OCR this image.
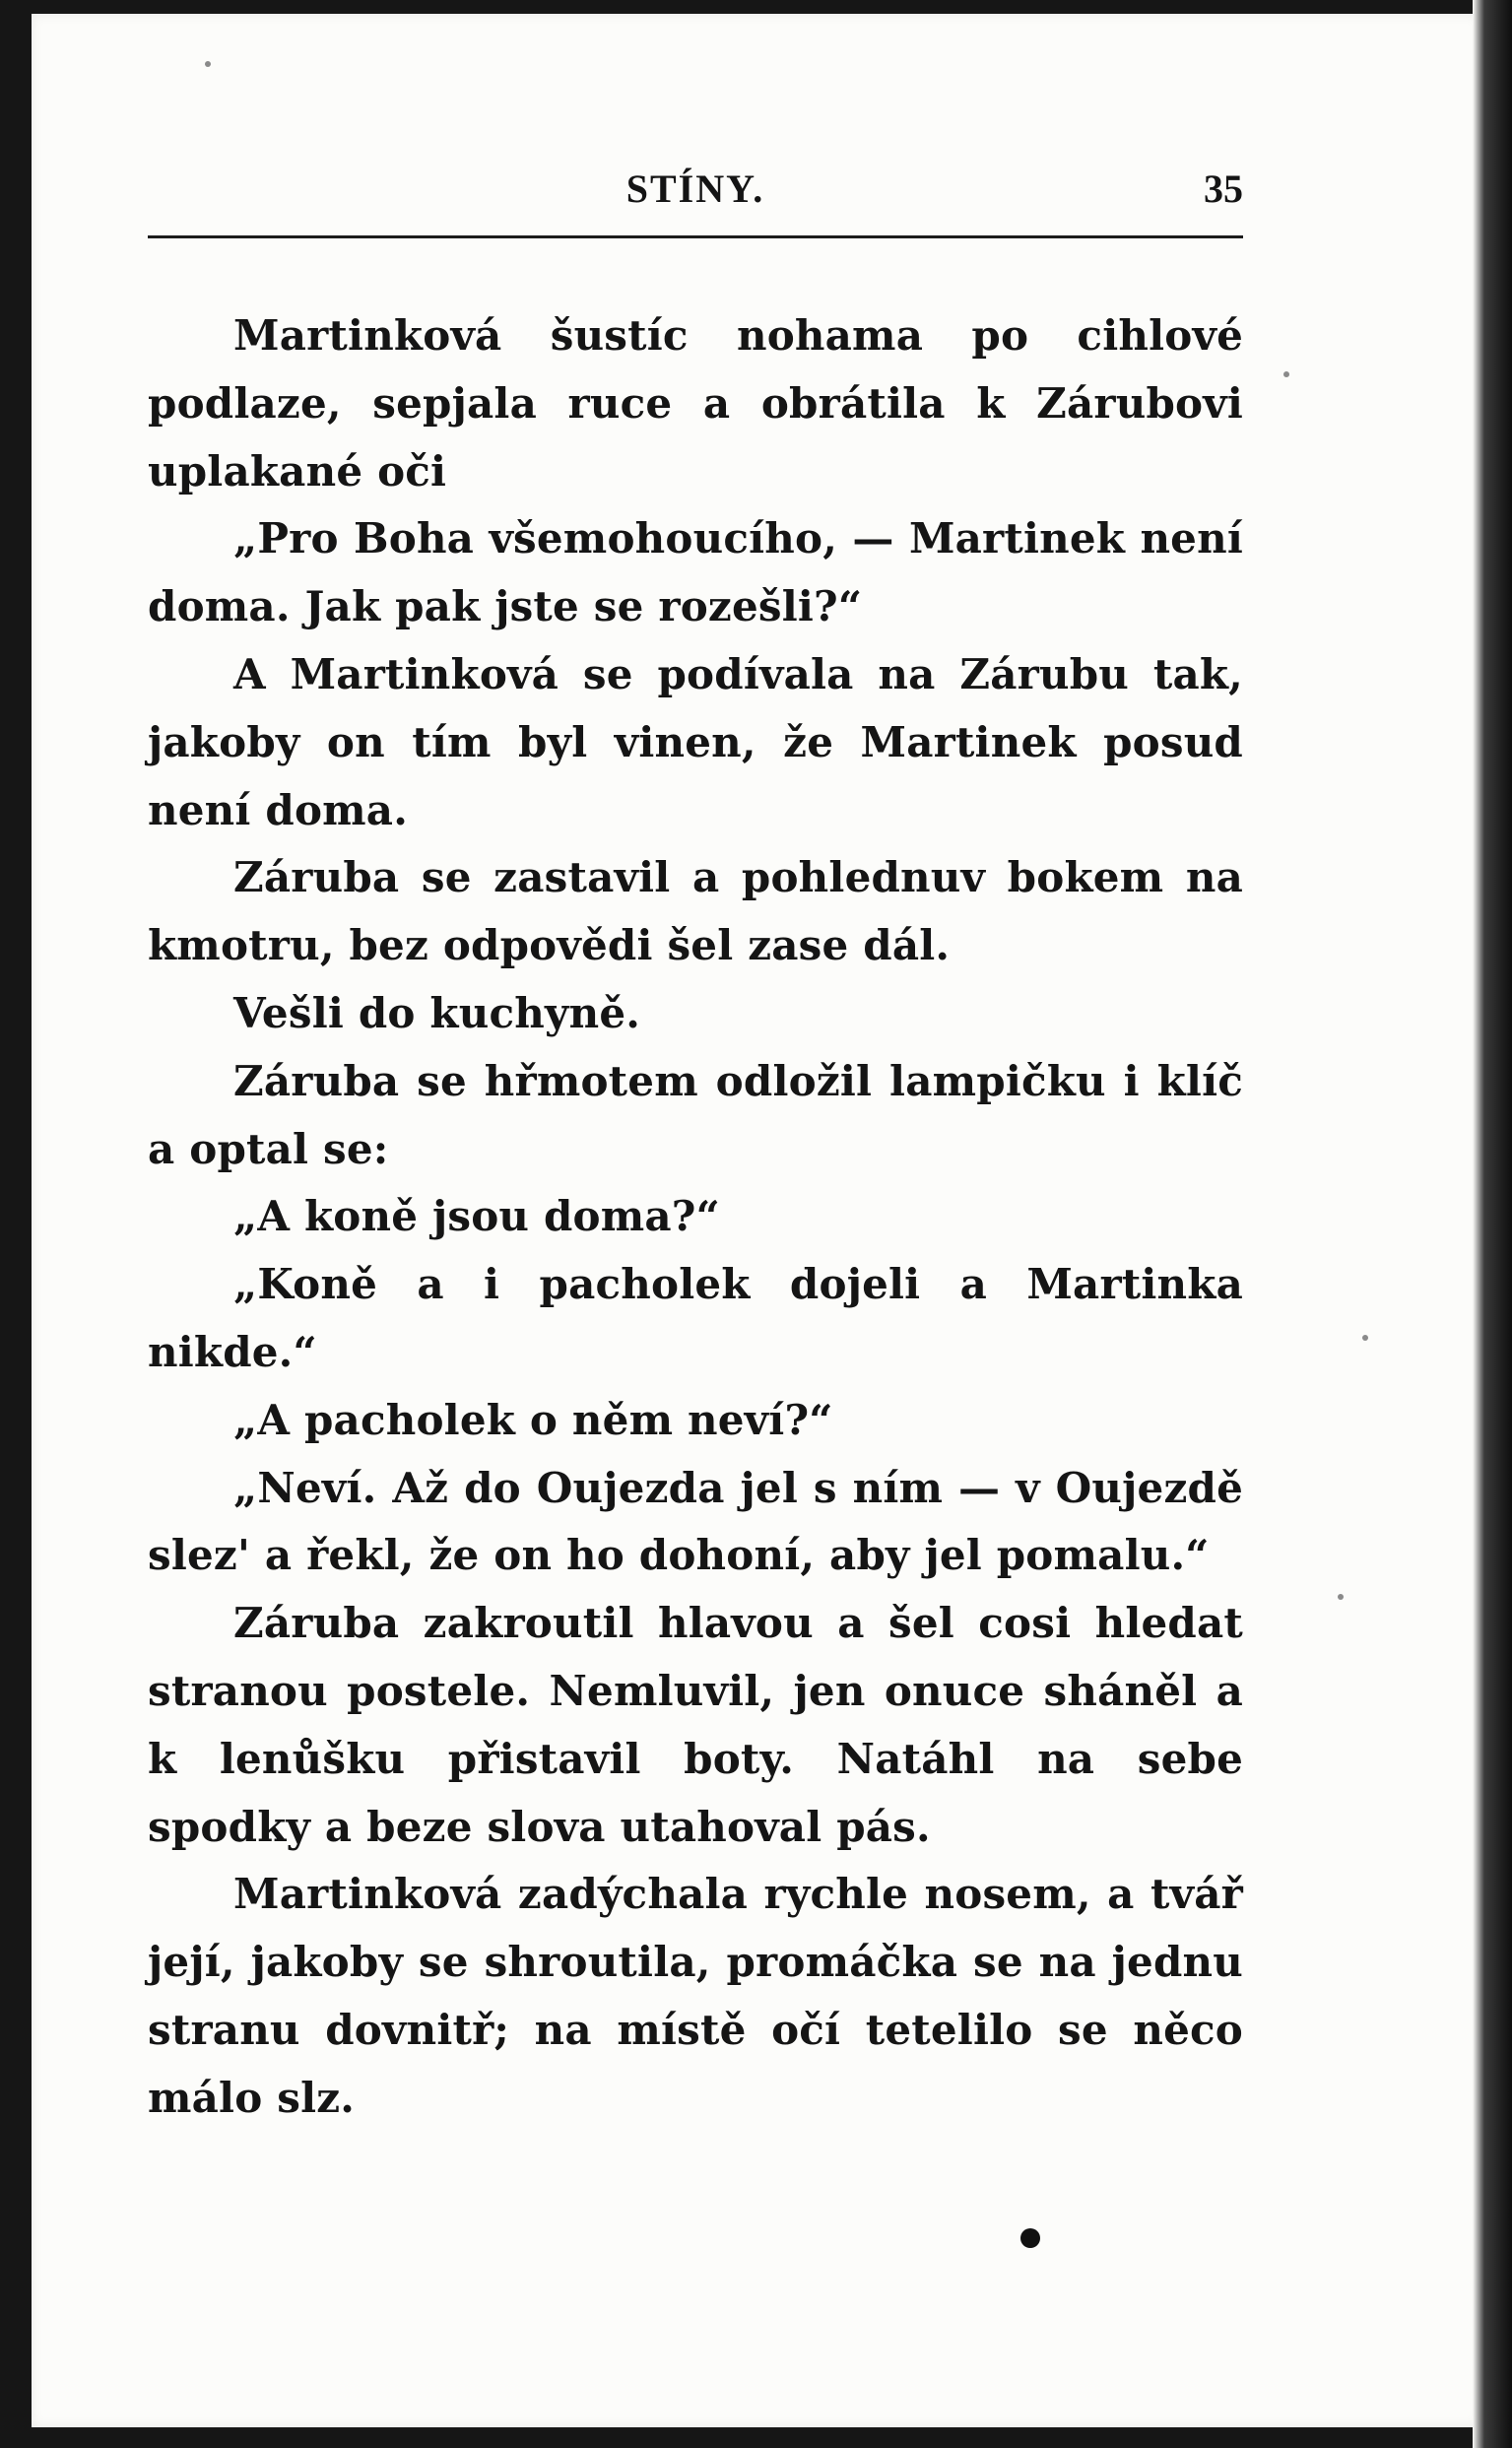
STÍNY.	35

Martinková šustíc nohama po cihlové podlaze, sepjala ruce a obrátila k Zárubovi uplakané oči

„Pro Boha všemohoucího, — Martinek není doma. Jak pak jste se rozešli?“

A Martinková se podívala na Zárubu tak, jakoby on tím byl vinen, že Martinek posud není doma.

Záruba se zastavil a pohlednuv bokem na kmotru, bez odpovědi šel zase dál.

Vešli do kuchyně.

Záruba se hřmotem odložil lampičku i klíč a optal se:

„A koně jsou doma?“

„Koně a i pacholek dojeli a Martinka nikde.“

„A pacholek o něm neví?“

„Neví. Až do Oujezda jel s ním — v Oujezdě slez' a řekl, že on ho dohoní, aby jel pomalu.“

Záruba zakroutil hlavou a šel cosi hledat stranou postele. Nemluvil, jen onuce sháněl a k lenůšku přistavil boty. Natáhl na sebe spodky a beze slova utahoval pás.

Martinková zadýchala rychle nosem, a tvář její, jakoby se shroutila, promáčka se na jednu stranu dovnitř; na místě očí tetelilo se něco málo slz.
